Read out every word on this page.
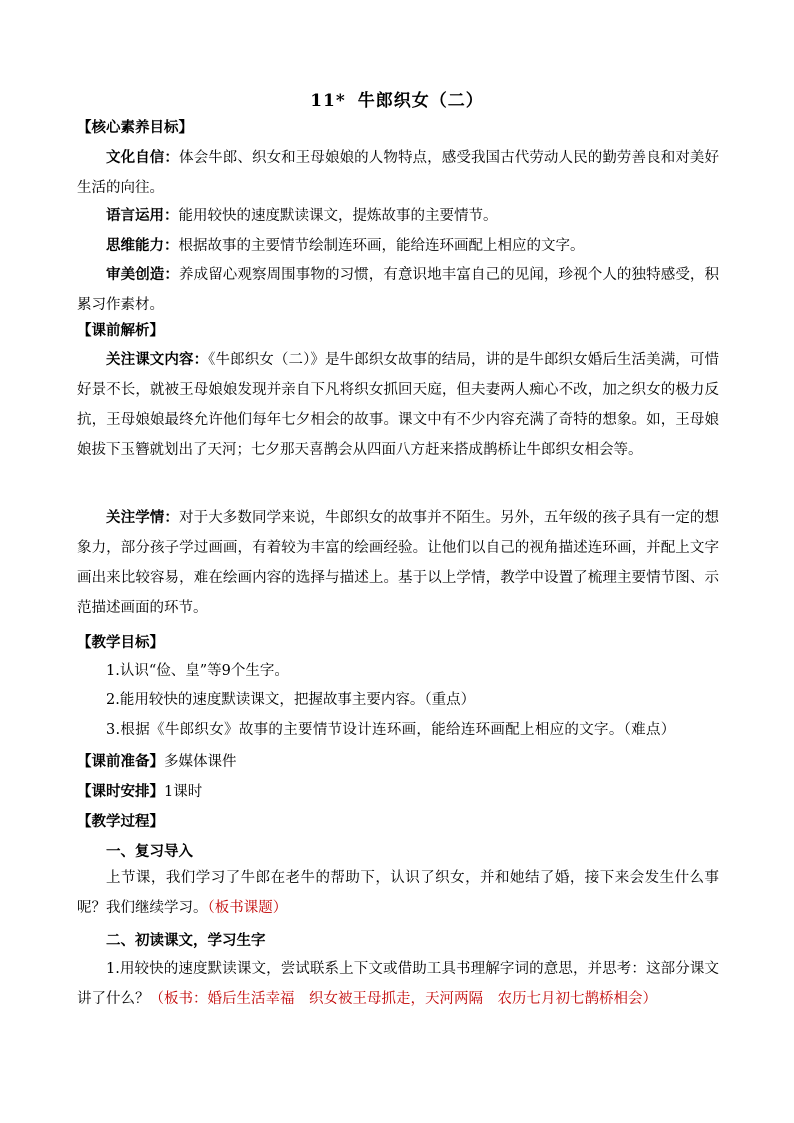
11* 牛郎织女（二）
【核心素养目标】

文化自信：体会牛郎、织女和王母娘娘的人物特点，感受我国古代劳动人民的勤劳善良和对美好生活的向往。

语言运用：能用较快的速度默读课文，提炼故事的主要情节。

思维能力：根据故事的主要情节绘制连环画，能给连环画配上相应的文字。

审美创造：养成留心观察周围事物的习惯，有意识地丰富自己的见闻，珍视个人的独特感受，积累习作素材。

【课前解析】

关注课文内容：《牛郎织女（二）》是牛郎织女故事的结局，讲的是牛郎织女婚后生活美满，可惜好景不长，就被王母娘娘发现并亲自下凡将织女抓回天庭，但夫妻两人痴心不改，加之织女的极力反抗，王母娘娘最终允许他们每年七夕相会的故事。课文中有不少内容充满了奇特的想象。如，王母娘娘拔下玉簪就划出了天河；七夕那天喜鹊会从四面八方赶来搭成鹊桥让牛郎织女相会等。

关注学情：对于大多数同学来说，牛郎织女的故事并不陌生。另外，五年级的孩子具有一定的想象力，部分孩子学过画画，有着较为丰富的绘画经验。让他们以自己的视角描述连环画，并配上文字画出来比较容易，难在绘画内容的选择与描述上。基于以上学情，教学中设置了梳理主要情节图、示范描述画面的环节。

【教学目标】
1.认识“俭、皇”等9个生字。
2.能用较快的速度默读课文，把握故事主要内容。（重点）
3.根据《牛郎织女》故事的主要情节设计连环画，能给连环画配上相应的文字。（难点）
【课前准备】多媒体课件
【课时安排】1课时
【教学过程】
一、复习导入

上节课，我们学习了牛郎在老牛的帮助下，认识了织女，并和她结了婚，接下来会发生什么事呢？我们继续学习。（板书课题）

二、初读课文，学习生字

1.用较快的速度默读课文，尝试联系上下文或借助工具书理解字词的意思，并思考：这部分课文讲了什么？（板书：婚后生活幸福　织女被王母抓走，天河两隔　农历七月初七鹊桥相会）
